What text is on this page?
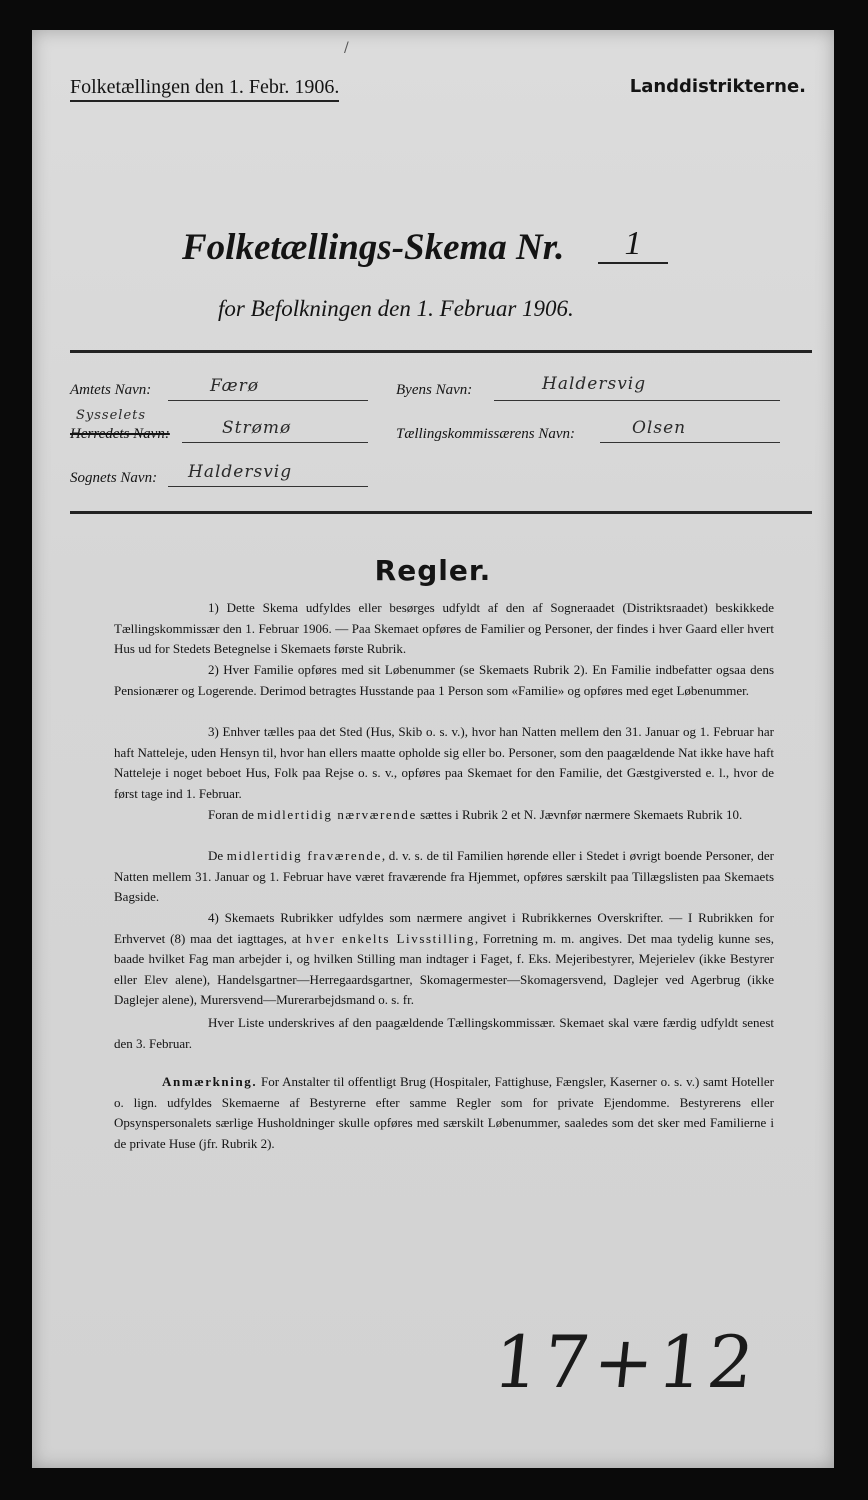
/
Folketællingen den 1. Febr. 1906.	Landdistrikterne.
Folketællings-Skema Nr.	1
for Befolkningen den 1. Februar 1906.
Amtets Navn:	Færø	Byens Navn:	Haldersvig
Sysselets
Herredets Navn:	Strømø	Tællingskommissærens Navn:	Olsen
Sognets Navn: Haldersvig
Regler.
1) Dette Skema udfyldes eller besørges udfyldt af den af Sogneraadet (Distriktsraadet) beskikkede Tællingskommissær den 1. Februar 1906. — Paa Skemaet opføres de Familier og Personer, der findes i hver Gaard eller hvert Hus ud for Stedets Betegnelse i Skemaets første Rubrik.
2) Hver Familie opføres med sit Løbenummer (se Skemaets Rubrik 2). En Familie indbefatter ogsaa dens Pensionærer og Logerende. Derimod betragtes Husstande paa 1 Person som «Familie» og opføres med eget Løbenummer.
3) Enhver tælles paa det Sted (Hus, Skib o. s. v.), hvor han Natten mellem den 31. Januar og 1. Februar har haft Natteleje, uden Hensyn til, hvor han ellers maatte opholde sig eller bo. Personer, som den paagældende Nat ikke have haft Natteleje i noget beboet Hus, Folk paa Rejse o. s. v., opføres paa Skemaet for den Familie, det Gæstgiversted e. l., hvor de først tage ind 1. Februar.
Foran de midlertidig nærværende sættes i Rubrik 2 et N. Jævnfør nærmere Skemaets Rubrik 10.
De midlertidig fraværende, d. v. s. de til Familien hørende eller i Stedet i øvrigt boende Personer, der Natten mellem 31. Januar og 1. Februar have været fraværende fra Hjemmet, opføres særskilt paa Tillægslisten paa Skemaets Bagside.
4) Skemaets Rubrikker udfyldes som nærmere angivet i Rubrikkernes Overskrifter. — I Rubrikken for Erhvervet (8) maa det iagttages, at hver enkelts Livsstilling, Forretning m. m. angives. Det maa tydelig kunne ses, baade hvilket Fag man arbejder i, og hvilken Stilling man indtager i Faget, f. Eks. Mejeribestyrer, Mejerielev (ikke Bestyrer eller Elev alene), Handelsgartner—Herregaardsgartner, Skomagermester—Skomagersvend, Daglejer ved Agerbrug (ikke Daglejer alene), Murersvend—Murerarbejdsmand o. s. fr.
Hver Liste underskrives af den paagældende Tællingskommissær. Skemaet skal være færdig udfyldt senest den 3. Februar.
Anmærkning. For Anstalter til offentligt Brug (Hospitaler, Fattighuse, Fængsler, Kaserner o. s. v.) samt Hoteller o. lign. udfyldes Skemaerne af Bestyrerne efter samme Regler som for private Ejendomme. Bestyrerens eller Opsynspersonalets særlige Husholdninger skulle opføres med særskilt Løbenummer, saaledes som det sker med Familierne i de private Huse (jfr. Rubrik 2).
17+12
